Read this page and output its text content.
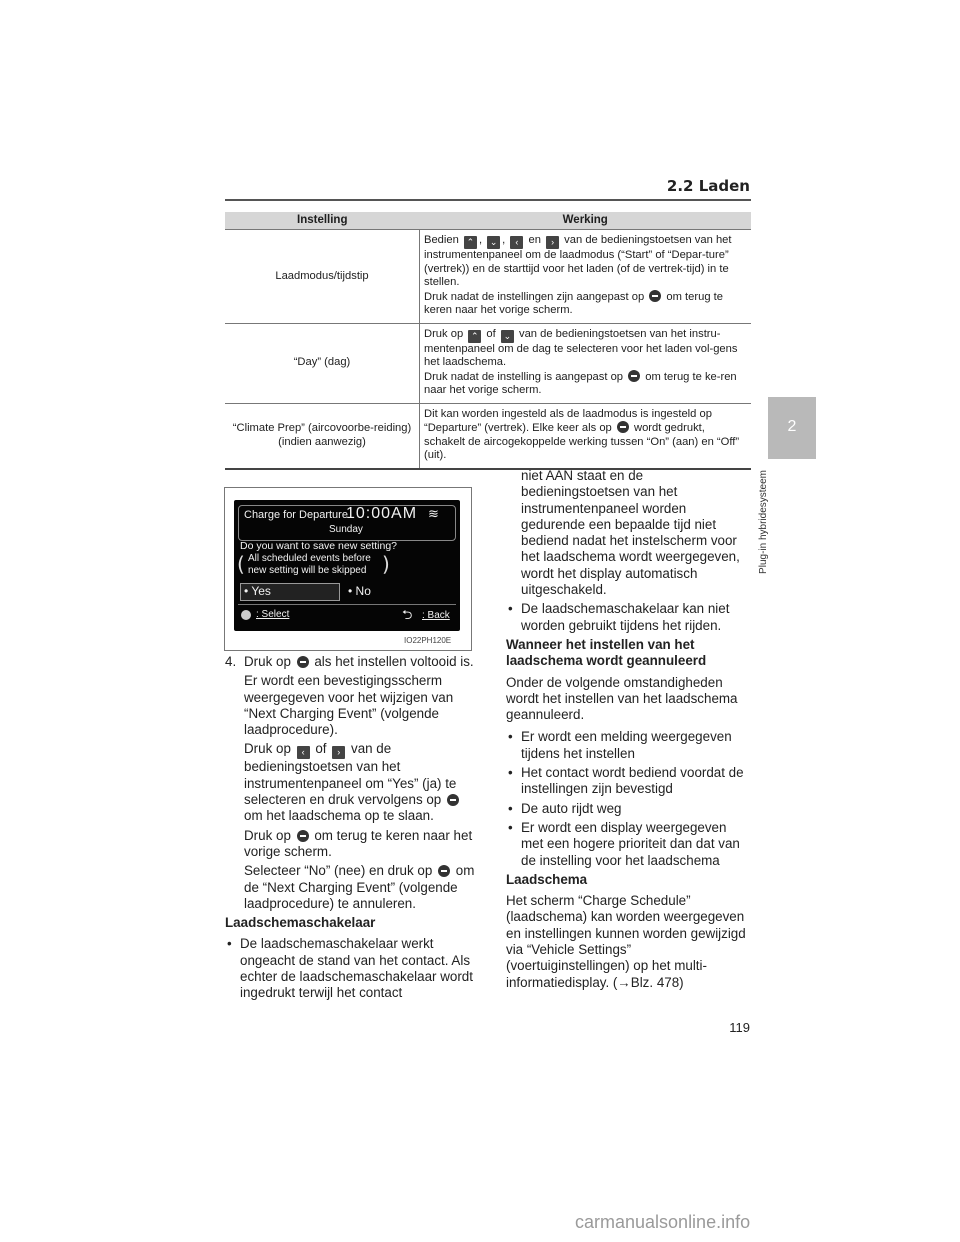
2.2 Laden
2
Plug-in hybridesysteem
Instelling	Werking
Laadmodus/tijdstip	Bedien ⌃ , ⌄ , ‹ en › van de bedieningstoetsen van het instrumentenpaneel om de laadmodus (“Start” of “Depar-ture” (vertrek)) en de starttijd voor het laden (of de vertrek-tijd) in te stellen.
Druk nadat de instellingen zijn aangepast op om terug te keren naar het vorige scherm.
“Day” (dag)	Druk op ⌃ of ⌄ van de bedieningstoetsen van het instru-mentenpaneel om de dag te selecteren voor het laden vol-gens het laadschema.
Druk nadat de instelling is aangepast op om terug te ke-ren naar het vorige scherm.
“Climate Prep” (aircovoorbe-reiding) (indien aanwezig)	Dit kan worden ingesteld als de laadmodus is ingesteld op “Departure” (vertrek). Elke keer als op wordt gedrukt, schakelt de aircogekoppelde werking tussen “On” (aan) en “Off” (uit).
Charge for Departure
10:00AM
Sunday
≋
Do you want to save new setting?
( All scheduled events before
new setting will be skipped )
• Yes	• No
: Select	⮌ : Back
IO22PH120E
4. Druk op als het instellen voltooid is.
Er wordt een bevestigingsscherm weergegeven voor het wijzigen van “Next Charging Event” (volgende laadprocedure).
Druk op ‹ of › van de bedieningstoetsen van het instrumentenpaneel om “Yes” (ja) te selecteren en druk vervolgens op  om het laadschema op te slaan.
Druk op om terug te keren naar het vorige scherm.
Selecteer “No” (nee) en druk op om de “Next Charging Event” (volgende laadprocedure) te annuleren.
Laadschemaschakelaar
• De laadschemaschakelaar werkt ongeacht de stand van het contact. Als echter de laadschemaschakelaar wordt ingedrukt terwijl het contact
niet AAN staat en de bedieningstoetsen van het instrumentenpaneel worden gedurende een bepaalde tijd niet bediend nadat het instelscherm voor het laadschema wordt weergegeven, wordt het display automatisch uitgeschakeld.
• De laadschemaschakelaar kan niet worden gebruikt tijdens het rijden.
Wanneer het instellen van het laadschema wordt geannuleerd
Onder de volgende omstandigheden wordt het instellen van het laadschema geannuleerd.
• Er wordt een melding weergegeven tijdens het instellen
• Het contact wordt bediend voordat de instellingen zijn bevestigd
• De auto rijdt weg
• Er wordt een display weergegeven met een hogere prioriteit dan dat van de instelling voor het laadschema
Laadschema
Het scherm “Charge Schedule” (laadschema) kan worden weergegeven en instellingen kunnen worden gewijzigd via “Vehicle Settings” (voertuiginstellingen) op het multi-informatiedisplay. (→Blz. 478)
119
carmanualsonline.info
